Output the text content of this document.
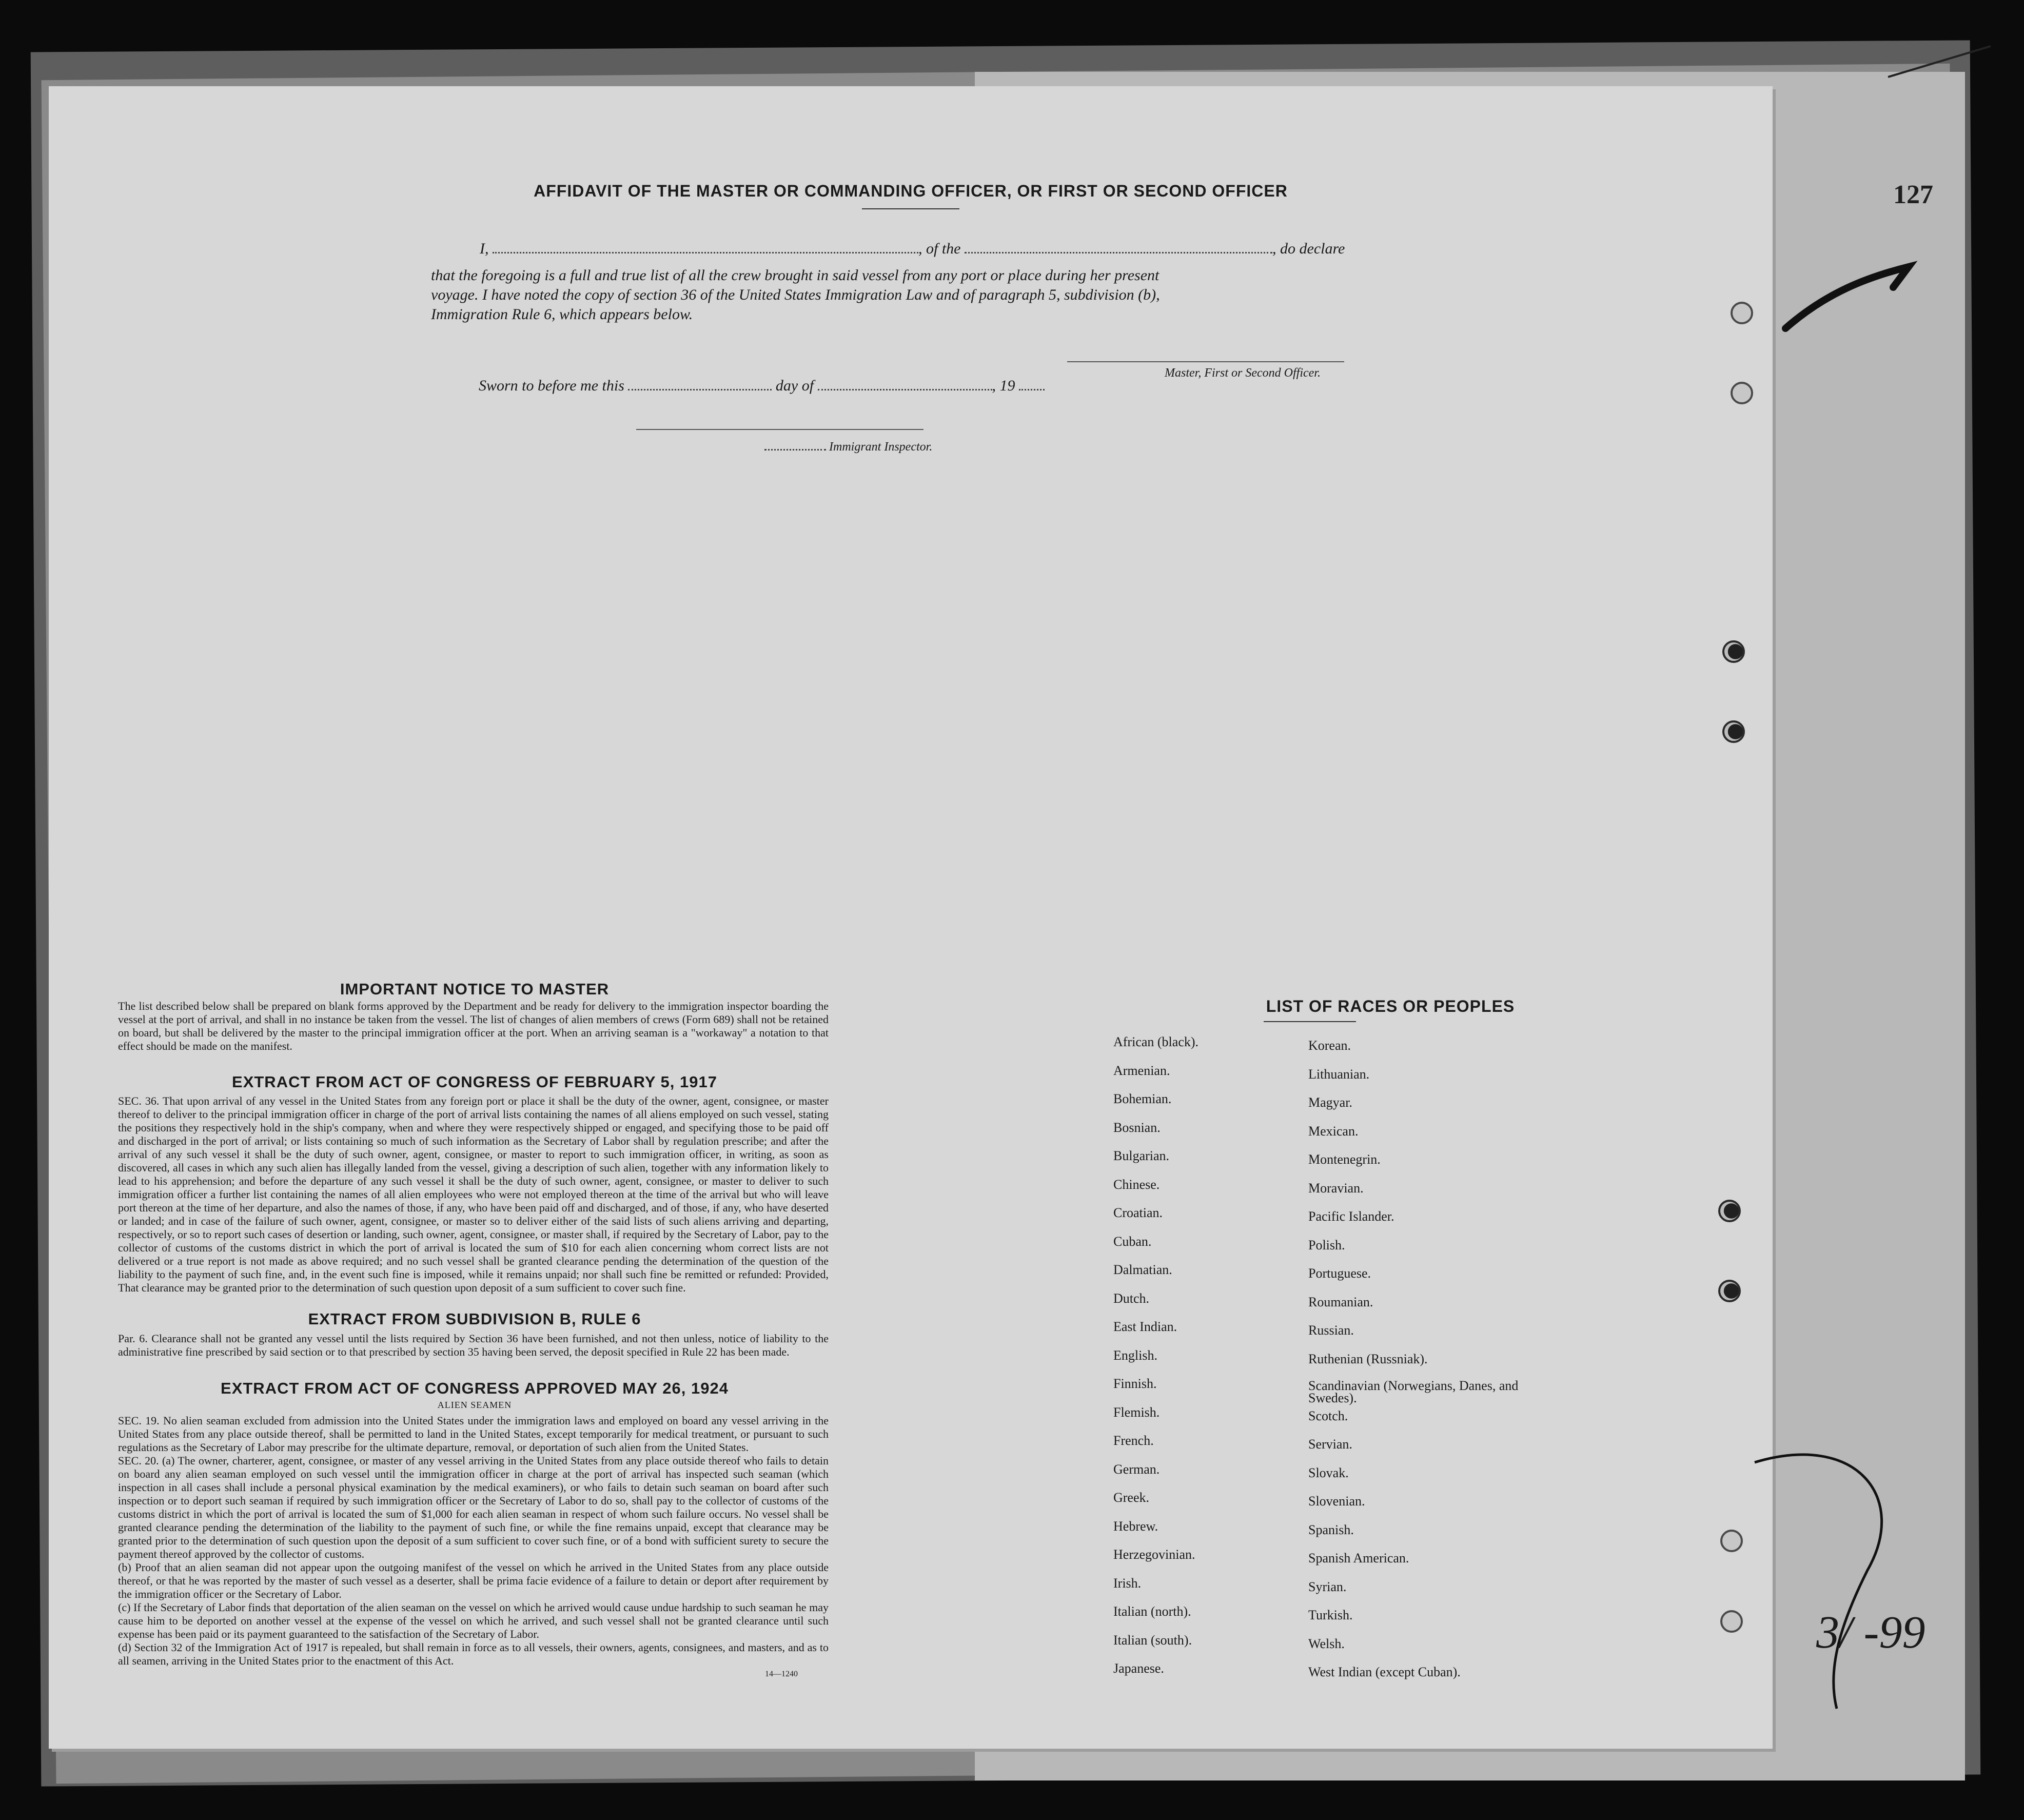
127
AFFIDAVIT OF THE MASTER OR COMMANDING OFFICER, OR FIRST OR SECOND OFFICER
I,	, of the	, do declare
that the foregoing is a full and true list of all the crew brought in said vessel from any port or place during her present
voyage. I have noted the copy of section 36 of the United States Immigration Law and of paragraph 5, subdivision (b),
Immigration Rule 6, which appears below.
Master, First or Second Officer.
Sworn to before me this	day of	, 19
Immigrant Inspector.
IMPORTANT NOTICE TO MASTER
The list described below shall be prepared on blank forms approved by the Department and be ready for delivery to the immigration inspector boarding the vessel at the port of arrival, and shall in no instance be taken from the vessel. The list of changes of alien members of crews (Form 689) shall not be retained on board, but shall be delivered by the master to the principal immigration officer at the port. When an arriving seaman is a "workaway" a notation to that effect should be made on the manifest.
EXTRACT FROM ACT OF CONGRESS OF FEBRUARY 5, 1917
SEC. 36. That upon arrival of any vessel in the United States from any foreign port or place it shall be the duty of the owner, agent, consignee, or master thereof to deliver to the principal immigration officer in charge of the port of arrival lists containing the names of all aliens employed on such vessel, stating the positions they respectively hold in the ship's company, when and where they were respectively shipped or engaged, and specifying those to be paid off and discharged in the port of arrival; or lists containing so much of such information as the Secretary of Labor shall by regulation prescribe; and after the arrival of any such vessel it shall be the duty of such owner, agent, consignee, or master to report to such immigration officer, in writing, as soon as discovered, all cases in which any such alien has illegally landed from the vessel, giving a description of such alien, together with any information likely to lead to his apprehension; and before the departure of any such vessel it shall be the duty of such owner, agent, consignee, or master to deliver to such immigration officer a further list containing the names of all alien employees who were not employed thereon at the time of the arrival but who will leave port thereon at the time of her departure, and also the names of those, if any, who have been paid off and discharged, and of those, if any, who have deserted or landed; and in case of the failure of such owner, agent, consignee, or master so to deliver either of the said lists of such aliens arriving and departing, respectively, or so to report such cases of desertion or landing, such owner, agent, consignee, or master shall, if required by the Secretary of Labor, pay to the collector of customs of the customs district in which the port of arrival is located the sum of $10 for each alien concerning whom correct lists are not delivered or a true report is not made as above required; and no such vessel shall be granted clearance pending the determination of the question of the liability to the payment of such fine, and, in the event such fine is imposed, while it remains unpaid; nor shall such fine be remitted or refunded: Provided, That clearance may be granted prior to the determination of such question upon deposit of a sum sufficient to cover such fine.
EXTRACT FROM SUBDIVISION B, RULE 6
Par. 6. Clearance shall not be granted any vessel until the lists required by Section 36 have been furnished, and not then unless, notice of liability to the administrative fine prescribed by said section or to that prescribed by section 35 having been served, the deposit specified in Rule 22 has been made.
EXTRACT FROM ACT OF CONGRESS APPROVED MAY 26, 1924
ALIEN SEAMEN
SEC. 19. No alien seaman excluded from admission into the United States under the immigration laws and employed on board any vessel arriving in the United States from any place outside thereof, shall be permitted to land in the United States, except temporarily for medical treatment, or pursuant to such regulations as the Secretary of Labor may prescribe for the ultimate departure, removal, or deportation of such alien from the United States.
SEC. 20. (a) The owner, charterer, agent, consignee, or master of any vessel arriving in the United States from any place outside thereof who fails to detain on board any alien seaman employed on such vessel until the immigration officer in charge at the port of arrival has inspected such seaman (which inspection in all cases shall include a personal physical examination by the medical examiners), or who fails to detain such seaman on board after such inspection or to deport such seaman if required by such immigration officer or the Secretary of Labor to do so, shall pay to the collector of customs of the customs district in which the port of arrival is located the sum of $1,000 for each alien seaman in respect of whom such failure occurs. No vessel shall be granted clearance pending the determination of the liability to the payment of such fine, or while the fine remains unpaid, except that clearance may be granted prior to the determination of such question upon the deposit of a sum sufficient to cover such fine, or of a bond with sufficient surety to secure the payment thereof approved by the collector of customs.
(b) Proof that an alien seaman did not appear upon the outgoing manifest of the vessel on which he arrived in the United States from any place outside thereof, or that he was reported by the master of such vessel as a deserter, shall be prima facie evidence of a failure to detain or deport after requirement by the immigration officer or the Secretary of Labor.
(c) If the Secretary of Labor finds that deportation of the alien seaman on the vessel on which he arrived would cause undue hardship to such seaman he may cause him to be deported on another vessel at the expense of the vessel on which he arrived, and such vessel shall not be granted clearance until such expense has been paid or its payment guaranteed to the satisfaction of the Secretary of Labor.
(d) Section 32 of the Immigration Act of 1917 is repealed, but shall remain in force as to all vessels, their owners, agents, consignees, and masters, and as to all seamen, arriving in the United States prior to the enactment of this Act.
14—1240
LIST OF RACES OR PEOPLES
African (black).
Armenian.
Bohemian.
Bosnian.
Bulgarian.
Chinese.
Croatian.
Cuban.
Dalmatian.
Dutch.
East Indian.
English.
Finnish.
Flemish.
French.
German.
Greek.
Hebrew.
Herzegovinian.
Irish.
Italian (north).
Italian (south).
Japanese.
Korean.
Lithuanian.
Magyar.
Mexican.
Montenegrin.
Moravian.
Pacific Islander.
Polish.
Portuguese.
Roumanian.
Russian.
Ruthenian (Russniak).
Scandinavian (Norwegians, Danes, and Swedes).
Scotch.
Servian.
Slovak.
Slovenian.
Spanish.
Spanish American.
Syrian.
Turkish.
Welsh.
West Indian (except Cuban).
3/ -99
